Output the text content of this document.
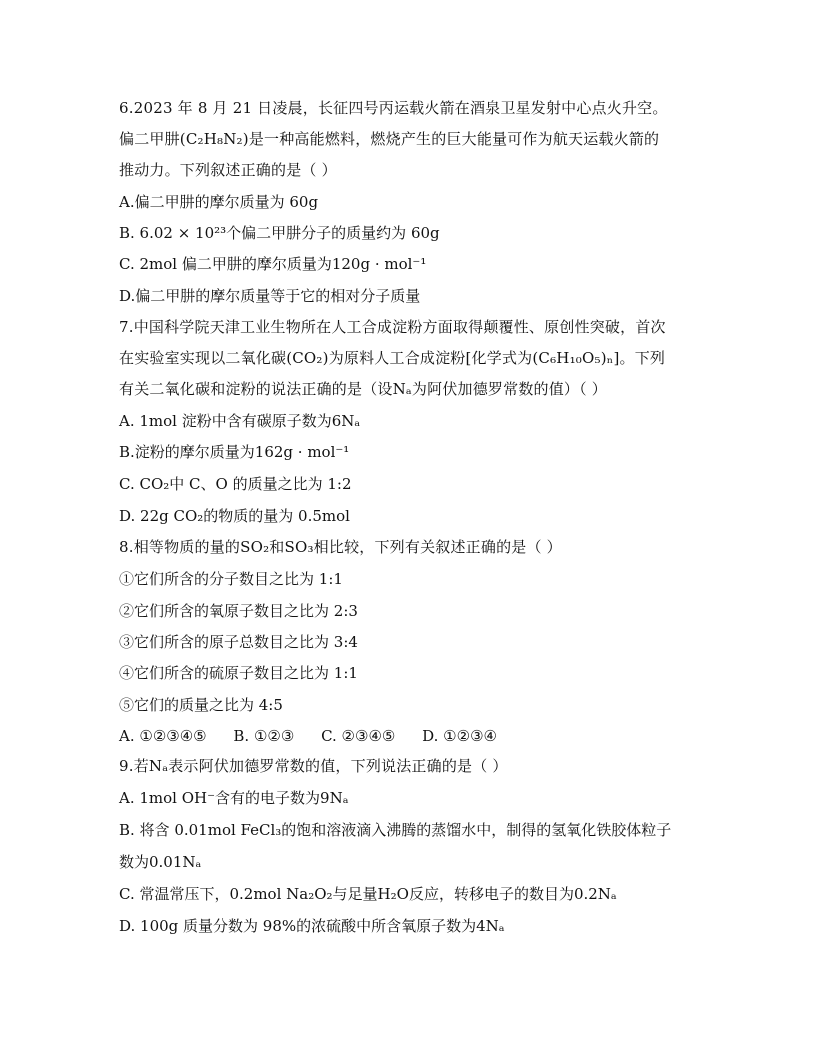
6.2023 年 8 月 21 日凌晨，长征四号丙运载火箭在酒泉卫星发射中心点火升空。
偏二甲肼(C₂H₈N₂)是一种高能燃料，燃烧产生的巨大能量可作为航天运载火箭的
推动力。下列叙述正确的是（ ）
A.偏二甲肼的摩尔质量为 60g
B. 6.02 × 10²³个偏二甲肼分子的质量约为 60g
C. 2mol 偏二甲肼的摩尔质量为120g · mol⁻¹
D.偏二甲肼的摩尔质量等于它的相对分子质量
7.中国科学院天津工业生物所在人工合成淀粉方面取得颠覆性、原创性突破，首次
在实验室实现以二氧化碳(CO₂)为原料人工合成淀粉[化学式为(C₆H₁₀O₅)ₙ]。下列
有关二氧化碳和淀粉的说法正确的是（设Nₐ为阿伏加德罗常数的值）（ ）
A. 1mol 淀粉中含有碳原子数为6Nₐ
B.淀粉的摩尔质量为162g · mol⁻¹
C. CO₂中 C、O 的质量之比为 1:2
D. 22g CO₂的物质的量为 0.5mol
8.相等物质的量的SO₂和SO₃相比较，下列有关叙述正确的是（ ）
①它们所含的分子数目之比为 1:1
②它们所含的氧原子数目之比为 2:3
③它们所含的原子总数目之比为 3:4
④它们所含的硫原子数目之比为 1:1
⑤它们的质量之比为 4:5
A. ①②③④⑤ B. ①②③ C. ②③④⑤ D. ①②③④
9.若Nₐ表示阿伏加德罗常数的值，下列说法正确的是（ ）
A. 1mol OH⁻含有的电子数为9Nₐ
B. 将含 0.01mol FeCl₃的饱和溶液滴入沸腾的蒸馏水中，制得的氢氧化铁胶体粒子
数为0.01Nₐ
C. 常温常压下，0.2mol Na₂O₂与足量H₂O反应，转移电子的数目为0.2Nₐ
D. 100g 质量分数为 98%的浓硫酸中所含氧原子数为4Nₐ
